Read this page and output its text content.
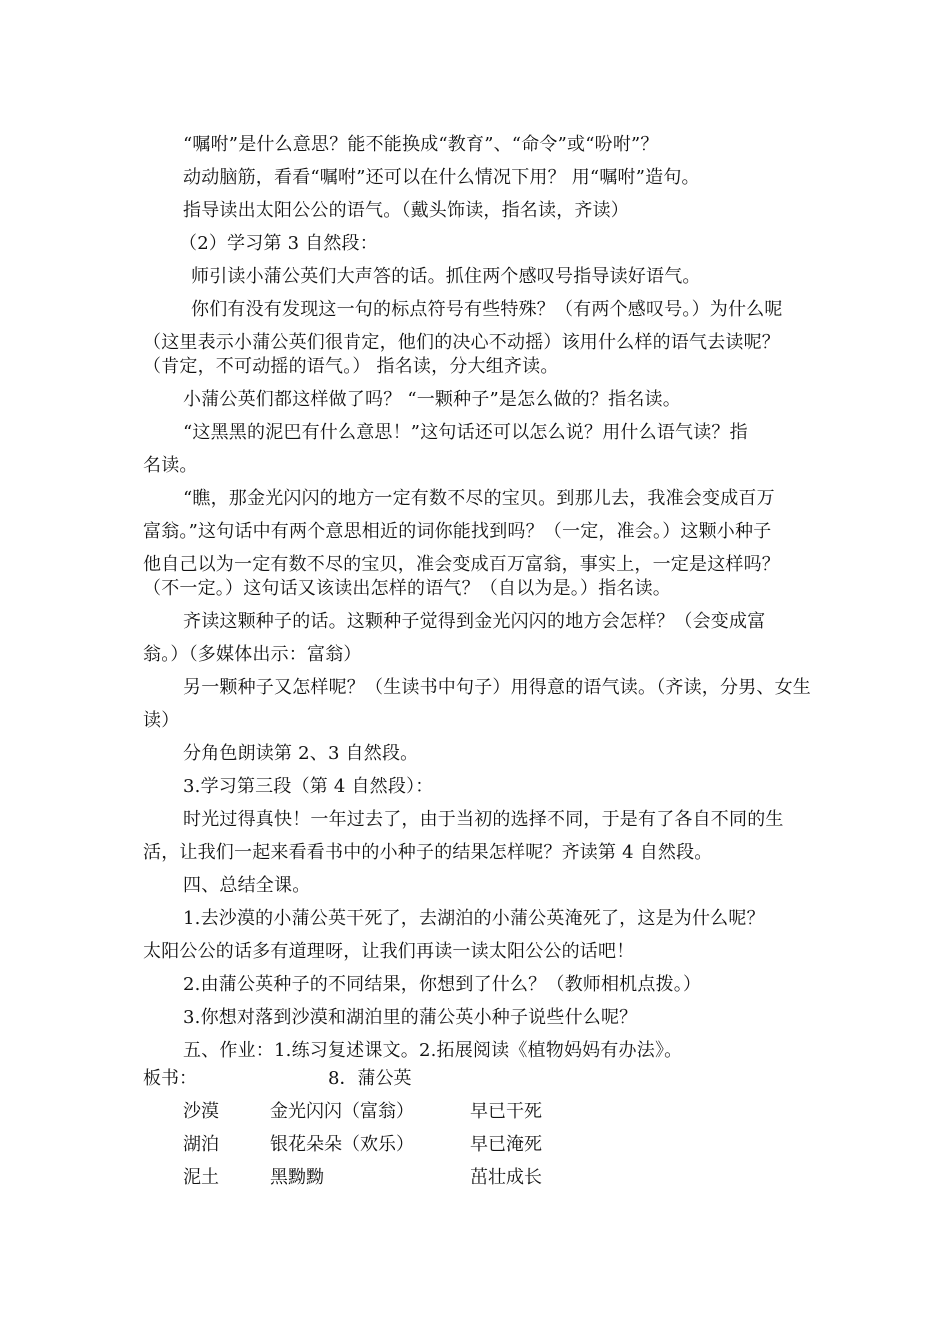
“嘱咐”是什么意思？能不能换成“教育”、“命令”或“吩咐”？
动动脑筋，看看“嘱咐”还可以在什么情况下用？ 用“嘱咐”造句。
指导读出太阳公公的语气。（戴头饰读，指名读，齐读）
（2）学习第 3 自然段：
师引读小蒲公英们大声答的话。抓住两个感叹号指导读好语气。
你们有没有发现这一句的标点符号有些特殊？（有两个感叹号。）为什么呢
（这里表示小蒲公英们很肯定，他们的决心不动摇）该用什么样的语气去读呢？
（肯定，不可动摇的语气。） 指名读，分大组齐读。
小蒲公英们都这样做了吗？ “一颗种子”是怎么做的？指名读。
“这黑黑的泥巴有什么意思！”这句话还可以怎么说？用什么语气读？指
名读。
“瞧，那金光闪闪的地方一定有数不尽的宝贝。到那儿去，我准会变成百万
富翁。”这句话中有两个意思相近的词你能找到吗？（一定，准会。）这颗小种子
他自己以为一定有数不尽的宝贝，准会变成百万富翁，事实上，一定是这样吗？
（不一定。）这句话又该读出怎样的语气？（自以为是。）指名读。
齐读这颗种子的话。这颗种子觉得到金光闪闪的地方会怎样？（会变成富
翁。）（多媒体出示：富翁）
另一颗种子又怎样呢？（生读书中句子）用得意的语气读。（齐读，分男、女生
读）
分角色朗读第 2、3 自然段。
3.学习第三段（第 4 自然段）：
时光过得真快！一年过去了，由于当初的选择不同，于是有了各自不同的生
活，让我们一起来看看书中的小种子的结果怎样呢？齐读第 4 自然段。
四、总结全课。
1.去沙漠的小蒲公英干死了，去湖泊的小蒲公英淹死了，这是为什么呢？
太阳公公的话多有道理呀，让我们再读一读太阳公公的话吧！
2.由蒲公英种子的不同结果，你想到了什么？（教师相机点拨。）
3.你想对落到沙漠和湖泊里的蒲公英小种子说些什么呢？
五、作业：1.练习复述课文。2.拓展阅读《植物妈妈有办法》。
板书：	8．蒲公英
沙漠	金光闪闪（富翁）	早已干死
湖泊	银花朵朵（欢乐）	早已淹死
泥土	黑黝黝	茁壮成长
